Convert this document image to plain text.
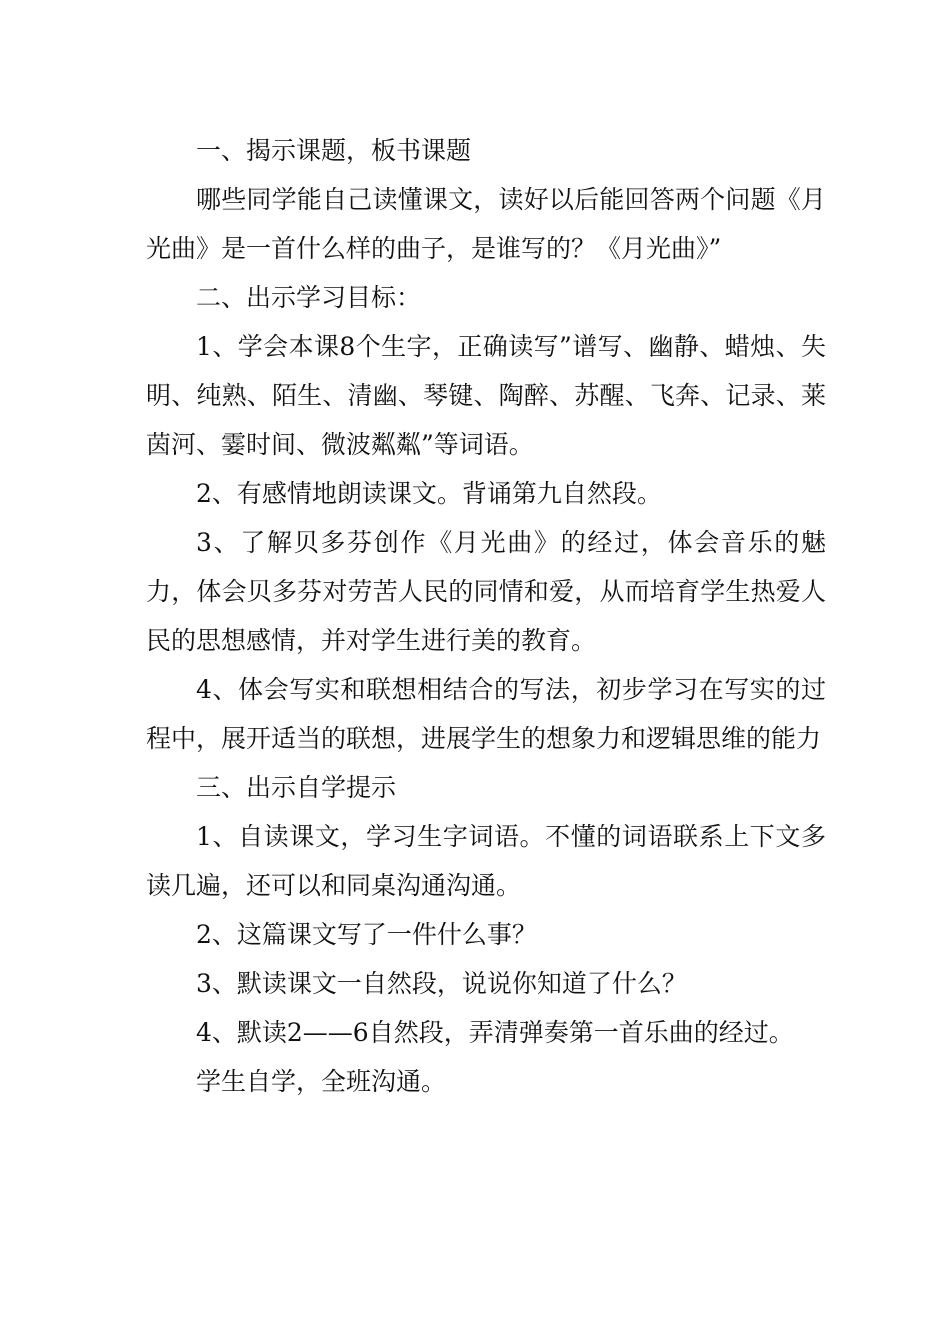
一、揭示课题，板书课题

哪些同学能自己读懂课文，读好以后能回答两个问题《月光曲》是一首什么样的曲子，是谁写的？《月光曲》”

二、出示学习目标：

1、学会本课8个生字，正确读写”谱写、幽静、蜡烛、失明、纯熟、陌生、清幽、琴键、陶醉、苏醒、飞奔、记录、莱茵河、霎时间、微波粼粼”等词语。

2、有感情地朗读课文。背诵第九自然段。

3、了解贝多芬创作《月光曲》的经过，体会音乐的魅力，体会贝多芬对劳苦人民的同情和爱，从而培育学生热爱人民的思想感情，并对学生进行美的教育。

4、体会写实和联想相结合的写法，初步学习在写实的过程中，展开适当的联想，进展学生的想象力和逻辑思维的能力

三、出示自学提示

1、自读课文，学习生字词语。不懂的词语联系上下文多读几遍，还可以和同桌沟通沟通。

2、这篇课文写了一件什么事？

3、默读课文一自然段，说说你知道了什么？

4、默读2——6自然段，弄清弹奏第一首乐曲的经过。

学生自学，全班沟通。
